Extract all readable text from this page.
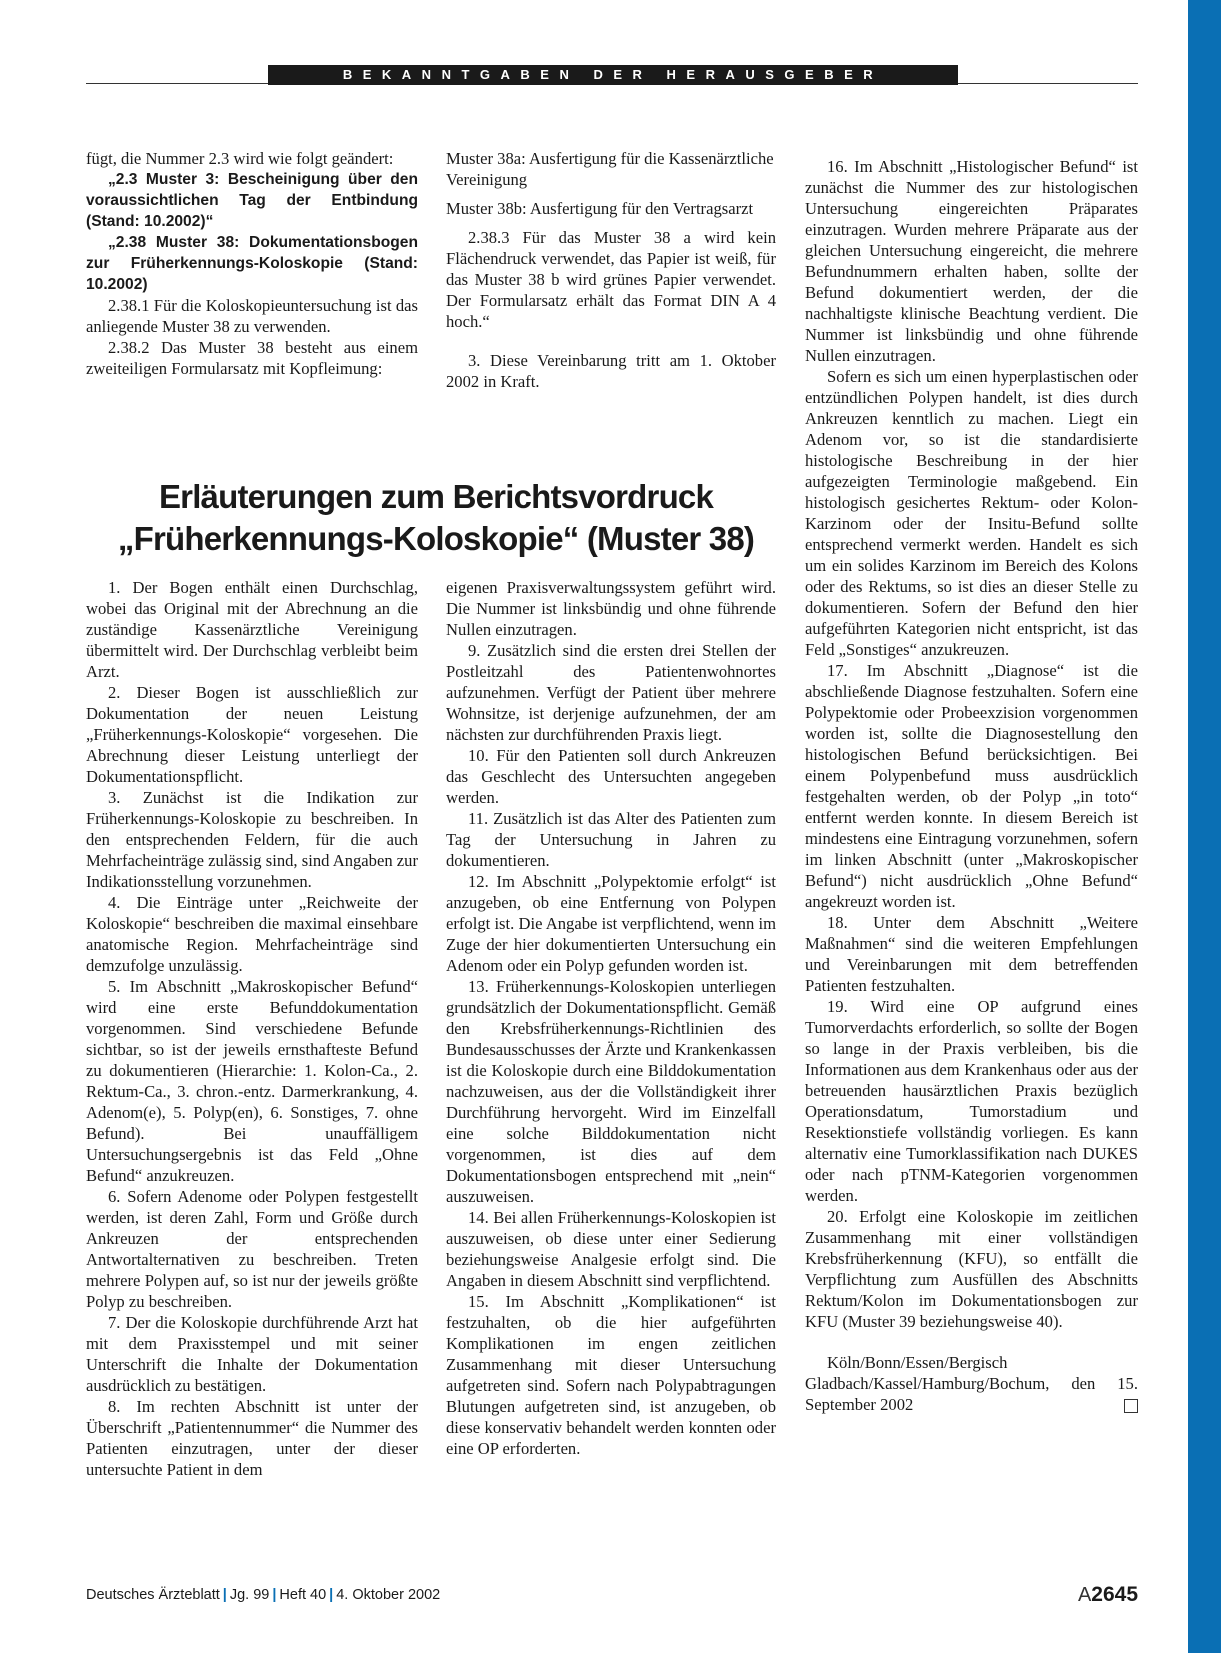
BEKANNTGABEN DER HERAUSGEBER

fügt, die Nummer 2.3 wird wie folgt geändert:

„2.3 Muster 3: Bescheinigung über den voraussichtlichen Tag der Entbindung (Stand: 10.2002)“

„2.38 Muster 38: Dokumentationsbogen zur Früherkennungs-Koloskopie (Stand: 10.2002)

2.38.1 Für die Koloskopieuntersuchung ist das anliegende Muster 38 zu verwenden.

2.38.2 Das Muster 38 besteht aus einem zweiteiligen Formularsatz mit Kopfleimung:

Muster 38a: Ausfertigung für die Kassenärztliche Vereinigung

Muster 38b: Ausfertigung für den Vertragsarzt

2.38.3 Für das Muster 38 a wird kein Flächendruck verwendet, das Papier ist weiß, für das Muster 38 b wird grünes Papier verwendet. Der Formularsatz erhält das Format DIN A 4 hoch.“

3. Diese Vereinbarung tritt am 1. Oktober 2002 in Kraft.

Erläuterungen zum Berichtsvordruck
„Früherkennungs-Koloskopie“ (Muster 38)

1. Der Bogen enthält einen Durchschlag, wobei das Original mit der Abrechnung an die zuständige Kassenärztliche Vereinigung übermittelt wird. Der Durchschlag verbleibt beim Arzt.

2. Dieser Bogen ist ausschließlich zur Dokumentation der neuen Leistung „Früherkennungs-Koloskopie“ vorgesehen. Die Abrechnung dieser Leistung unterliegt der Dokumentationspflicht.

3. Zunächst ist die Indikation zur Früherkennungs-Koloskopie zu beschreiben. In den entsprechenden Feldern, für die auch Mehrfacheinträge zulässig sind, sind Angaben zur Indikationsstellung vorzunehmen.

4. Die Einträge unter „Reichweite der Koloskopie“ beschreiben die maximal einsehbare anatomische Region. Mehrfacheinträge sind demzufolge unzulässig.

5. Im Abschnitt „Makroskopischer Befund“ wird eine erste Befunddokumentation vorgenommen. Sind verschiedene Befunde sichtbar, so ist der jeweils ernsthafteste Befund zu dokumentieren (Hierarchie: 1. Kolon-Ca., 2. Rektum-Ca., 3. chron.-entz. Darmerkrankung, 4. Adenom(e), 5. Polyp(en), 6. Sonstiges, 7. ohne Befund). Bei unauffälligem Untersuchungsergebnis ist das Feld „Ohne Befund“ anzukreuzen.

6. Sofern Adenome oder Polypen festgestellt werden, ist deren Zahl, Form und Größe durch Ankreuzen der entsprechenden Antwortalternativen zu beschreiben. Treten mehrere Polypen auf, so ist nur der jeweils größte Polyp zu beschreiben.

7. Der die Koloskopie durchführende Arzt hat mit dem Praxisstempel und mit seiner Unterschrift die Inhalte der Dokumentation ausdrücklich zu bestätigen.

8. Im rechten Abschnitt ist unter der Überschrift „Patientennummer“ die Nummer des Patienten einzutragen, unter der dieser untersuchte Patient in dem

eigenen Praxisverwaltungssystem geführt wird. Die Nummer ist linksbündig und ohne führende Nullen einzutragen.

9. Zusätzlich sind die ersten drei Stellen der Postleitzahl des Patientenwohnortes aufzunehmen. Verfügt der Patient über mehrere Wohnsitze, ist derjenige aufzunehmen, der am nächsten zur durchführenden Praxis liegt.

10. Für den Patienten soll durch Ankreuzen das Geschlecht des Untersuchten angegeben werden.

11. Zusätzlich ist das Alter des Patienten zum Tag der Untersuchung in Jahren zu dokumentieren.

12. Im Abschnitt „Polypektomie erfolgt“ ist anzugeben, ob eine Entfernung von Polypen erfolgt ist. Die Angabe ist verpflichtend, wenn im Zuge der hier dokumentierten Untersuchung ein Adenom oder ein Polyp gefunden worden ist.

13. Früherkennungs-Koloskopien unterliegen grundsätzlich der Dokumentationspflicht. Gemäß den Krebsfrüherkennungs-Richtlinien des Bundesausschusses der Ärzte und Krankenkassen ist die Koloskopie durch eine Bilddokumentation nachzuweisen, aus der die Vollständigkeit ihrer Durchführung hervorgeht. Wird im Einzelfall eine solche Bilddokumentation nicht vorgenommen, ist dies auf dem Dokumentationsbogen entsprechend mit „nein“ auszuweisen.

14. Bei allen Früherkennungs-Koloskopien ist auszuweisen, ob diese unter einer Sedierung beziehungsweise Analgesie erfolgt sind. Die Angaben in diesem Abschnitt sind verpflichtend.

15. Im Abschnitt „Komplikationen“ ist festzuhalten, ob die hier aufgeführten Komplikationen im engen zeitlichen Zusammenhang mit dieser Untersuchung aufgetreten sind. Sofern nach Polypabtragungen Blutungen aufgetreten sind, ist anzugeben, ob diese konservativ behandelt werden konnten oder eine OP erforderten.

16. Im Abschnitt „Histologischer Befund“ ist zunächst die Nummer des zur histologischen Untersuchung eingereichten Präparates einzutragen. Wurden mehrere Präparate aus der gleichen Untersuchung eingereicht, die mehrere Befundnummern erhalten haben, sollte der Befund dokumentiert werden, der die nachhaltigste klinische Beachtung verdient. Die Nummer ist linksbündig und ohne führende Nullen einzutragen.

Sofern es sich um einen hyperplastischen oder entzündlichen Polypen handelt, ist dies durch Ankreuzen kenntlich zu machen. Liegt ein Adenom vor, so ist die standardisierte histologische Beschreibung in der hier aufgezeigten Terminologie maßgebend. Ein histologisch gesichertes Rektum- oder Kolon-Karzinom oder der Insitu-Befund sollte entsprechend vermerkt werden. Handelt es sich um ein solides Karzinom im Bereich des Kolons oder des Rektums, so ist dies an dieser Stelle zu dokumentieren. Sofern der Befund den hier aufgeführten Kategorien nicht entspricht, ist das Feld „Sonstiges“ anzukreuzen.

17. Im Abschnitt „Diagnose“ ist die abschließende Diagnose festzuhalten. Sofern eine Polypektomie oder Probeexzision vorgenommen worden ist, sollte die Diagnosestellung den histologischen Befund berücksichtigen. Bei einem Polypenbefund muss ausdrücklich festgehalten werden, ob der Polyp „in toto“ entfernt werden konnte. In diesem Bereich ist mindestens eine Eintragung vorzunehmen, sofern im linken Abschnitt (unter „Makroskopischer Befund“) nicht ausdrücklich „Ohne Befund“ angekreuzt worden ist.

18. Unter dem Abschnitt „Weitere Maßnahmen“ sind die weiteren Empfehlungen und Vereinbarungen mit dem betreffenden Patienten festzuhalten.

19. Wird eine OP aufgrund eines Tumorverdachts erforderlich, so sollte der Bogen so lange in der Praxis verbleiben, bis die Informationen aus dem Krankenhaus oder aus der betreuenden hausärztlichen Praxis bezüglich Operationsdatum, Tumorstadium und Resektionstiefe vollständig vorliegen. Es kann alternativ eine Tumorklassifikation nach DUKES oder nach pTNM-Kategorien vorgenommen werden.

20. Erfolgt eine Koloskopie im zeitlichen Zusammenhang mit einer vollständigen Krebsfrüherkennung (KFU), so entfällt die Verpflichtung zum Ausfüllen des Abschnitts Rektum/Kolon im Dokumentationsbogen zur KFU (Muster 39 beziehungsweise 40).

Köln/Bonn/Essen/Bergisch Gladbach/Kassel/Hamburg/Bochum, den 15. September 2002

Deutsches Ärzteblatt | Jg. 99 | Heft 40 | 4. Oktober 2002	A2645
